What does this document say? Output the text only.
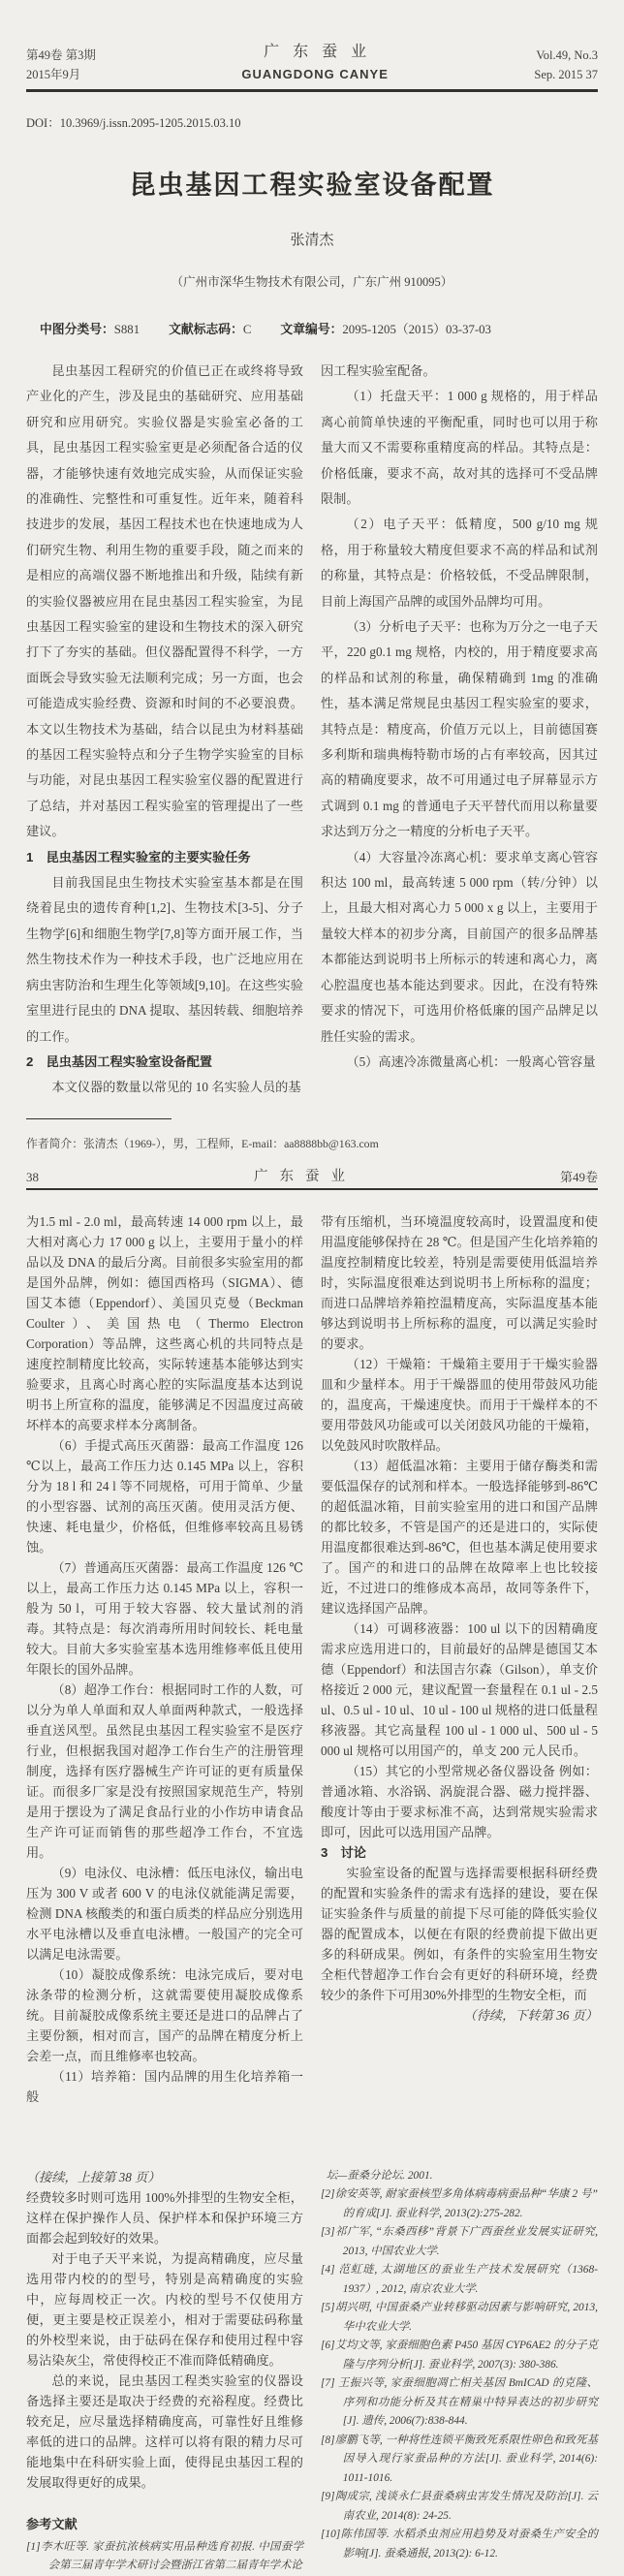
第49卷 第3期
2015年9月
广东蚕业
GUANGDONG CANYE
Vol.49, No.3
Sep. 2015 37
DOI：10.3969/j.issn.2095-1205.2015.03.10
昆虫基因工程实验室设备配置
张清杰
（广州市深华生物技术有限公司，广东广州 910095）
中图分类号：S881 文献标志码：C 文章编号：2095-1205（2015）03-37-03
昆虫基因工程研究的价值已正在或终将导致产业化的产生，涉及昆虫的基础研究、应用基础研究和应用研究。实验仪器是实验室必备的工具，昆虫基因工程实验室更是必须配备合适的仪器，才能够快速有效地完成实验，从而保证实验的准确性、完整性和可重复性。近年来，随着科技进步的发展，基因工程技术也在快速地成为人们研究生物、利用生物的重要手段，随之而来的是相应的高端仪器不断地推出和升级，陆续有新的实验仪器被应用在昆虫基因工程实验室，为昆虫基因工程实验室的建设和生物技术的深入研究打下了夯实的基础。但仪器配置得不科学，一方面既会导致实验无法顺利完成；另一方面，也会可能造成实验经费、资源和时间的不必要浪费。本文以生物技术为基础，结合以昆虫为材料基础的基因工程实验特点和分子生物学实验室的目标与功能，对昆虫基因工程实验室仪器的配置进行了总结，并对基因工程实验室的管理提出了一些建议。
1　昆虫基因工程实验室的主要实验任务
目前我国昆虫生物技术实验室基本都是在围绕着昆虫的遗传育种[1,2]、生物技术[3-5]、分子生物学[6]和细胞生物学[7,8]等方面开展工作，当然生物技术作为一种技术手段，也广泛地应用在病虫害防治和生理生化等领域[9,10]。在这些实验室里进行昆虫的 DNA 提取、基因转载、细胞培养的工作。
2　昆虫基因工程实验室设备配置
本文仪器的数量以常见的 10 名实验人员的基
因工程实验室配备。
（1）托盘天平：1 000 g 规格的，用于样品离心前简单快速的平衡配重，同时也可以用于称量大而又不需要称重精度高的样品。其特点是：价格低廉，要求不高，故对其的选择可不受品牌限制。
（2）电子天平：低精度，500 g/10 mg 规格，用于称量较大精度但要求不高的样品和试剂的称量，其特点是：价格较低，不受品牌限制，目前上海国产品牌的或国外品牌均可用。
（3）分析电子天平：也称为万分之一电子天平，220 g0.1 mg 规格，内校的，用于精度要求高的样品和试剂的称量，确保精确到 1mg 的准确性，基本满足常规昆虫基因工程实验室的要求，其特点是：精度高，价值万元以上，目前德国赛多利斯和瑞典梅特勒市场的占有率较高，因其过高的精确度要求，故不可用通过电子屏幕显示方式调到 0.1 mg 的普通电子天平替代而用以称量要求达到万分之一精度的分析电子天平。
（4）大容量冷冻离心机：要求单支离心管容积达 100 ml，最高转速 5 000 rpm（转/分钟）以上，且最大相对离心力 5 000 x g 以上，主要用于量较大样本的初步分离，目前国产的很多品牌基本都能达到说明书上所标示的转速和离心力，离心腔温度也基本能达到要求。因此，在没有特殊要求的情况下，可选用价格低廉的国产品牌足以胜任实验的需求。
（5）高速冷冻微量离心机：一般离心管容量
作者简介：张清杰（1969-），男，工程师，E-mail：aa8888bb@163.com
38	广东蚕业	第49卷
为1.5 ml - 2.0 ml，最高转速 14 000 rpm 以上，最大相对离心力 17 000 g 以上，主要用于量小的样品以及 DNA 的最后分离。目前很多实验室用的都是国外品牌，例如：德国西格玛（SIGMA）、德国艾本德（Eppendorf）、美国贝克曼（Beckman Coulter）、美国热电（Thermo Electron Corporation）等品牌，这些离心机的共同特点是速度控制精度比较高，实际转速基本能够达到实验要求，且离心时离心腔的实际温度基本达到说明书上所宣称的温度，能够满足不因温度过高破坏样本的高要求样本分离制备。
（6）手提式高压灭菌器：最高工作温度 126 ℃以上，最高工作压力达 0.145 MPa 以上，容积分为 18 l 和 24 l 等不同规格，可用于简单、少量的小型容器、试剂的高压灭菌。使用灵活方便、快速、耗电量少，价格低，但维修率较高且易锈蚀。
（7）普通高压灭菌器：最高工作温度 126 ℃以上，最高工作压力达 0.145 MPa 以上，容积一般为 50 l，可用于较大容器、较大量试剂的消毒。其特点是：每次消毒所用时间较长、耗电量较大。目前大多实验室基本选用维修率低且使用年限长的国外品牌。
（8）超净工作台：根据同时工作的人数，可以分为单人单面和双人单面两种款式，一般选择垂直送风型。虽然昆虫基因工程实验室不是医疗行业，但根据我国对超净工作台生产的注册管理制度，选择有医疗器械生产许可证的更有质量保证。而很多厂家是没有按照国家规范生产，特别是用于摆设为了满足食品行业的小作坊申请食品生产许可证而销售的那些超净工作台，不宜选用。
（9）电泳仪、电泳槽：低压电泳仪，输出电压为 300 V 或者 600 V 的电泳仪就能满足需要，检测 DNA 核酸类的和蛋白质类的样品应分别选用水平电泳槽以及垂直电泳槽。一般国产的完全可以满足电泳需要。
（10）凝胶成像系统：电泳完成后，要对电泳条带的检测分析，这就需要使用凝胶成像系统。目前凝胶成像系统主要还是进口的品牌占了主要份额，相对而言，国产的品牌在精度分析上会差一点，而且维修率也较高。
（11）培养箱：国内品牌的用生化培养箱一般
带有压缩机，当环境温度较高时，设置温度和使用温度能够保持在 28 ℃。但是国产生化培养箱的温度控制精度比较差，特别是需要使用低温培养时，实际温度很难达到说明书上所标称的温度；而进口品牌培养箱控温精度高，实际温度基本能够达到说明书上所标称的温度，可以满足实验时的要求。
（12）干燥箱：干燥箱主要用于干燥实验器皿和少量样本。用于干燥器皿的使用带鼓风功能的，温度高，干燥速度快。而用于干燥样本的不要用带鼓风功能或可以关闭鼓风功能的干燥箱，以免鼓风时吹散样品。
（13）超低温冰箱：主要用于储存酶类和需要低温保存的试剂和样本。一般选择能够到-86℃的超低温冰箱，目前实验室用的进口和国产品牌的都比较多，不管是国产的还是进口的，实际使用温度都很难达到-86℃，但也基本满足使用要求了。国产的和进口的品牌在故障率上也比较接近，不过进口的维修成本高昂，故同等条件下，建议选择国产品牌。
（14）可调移液器：100 ul 以下的因精确度需求应选用进口的，目前最好的品牌是德国艾本德（Eppendorf）和法国吉尔森（Gilson），单支价格接近 2 000 元，建议配置一套量程在 0.1 ul - 2.5 ul、0.5 ul - 10 ul、10 ul - 100 ul 规格的进口低量程移液器。其它高量程 100 ul - 1 000 ul、500 ul - 5 000 ul 规格可以用国产的，单支 200 元人民币。
（15）其它的小型常规必备仪器设备 例如：普通冰箱、水浴锅、涡旋混合器、磁力搅拌器、酸度计等由于要求标准不高，达到常规实验需求即可，因此可以选用国产品牌。
3　讨论
实验室设备的配置与选择需要根据科研经费的配置和实验条件的需求有选择的建设，要在保证实验条件与质量的前提下尽可能的降低实验仪器的配置成本，以便在有限的经费前提下做出更多的科研成果。例如，有条件的实验室用生物安全柜代替超净工作台会有更好的科研环境，经费较少的条件下可用30%外排型的生物安全柜，而
（待续，下转第 36 页）
（接续，上接第 38 页）
经费较多时则可选用 100%外排型的生物安全柜，这样在保护操作人员、保护样本和保护环境三方面都会起到较好的效果。
对于电子天平来说，为提高精确度，应尽量选用带内校的的型号，特别是高精确度的实验中，应每周校正一次。内校的型号不仅使用方便，更主要是校正误差小，相对于需要砝码称量的外校型来说，由于砝码在保存和使用过程中容易沾染灰尘，常使得校正不准而降低精确度。
总的来说，昆虫基因工程类实验室的仪器设备选择主要还是取决于经费的充裕程度。经费比较充足，应尽量选择精确度高，可靠性好且维修率低的进口的品牌。这样可以将有限的精力尽可能地集中在科研实验上面，使得昆虫基因工程的发展取得更好的成果。
参考文献
[1]李木旺等. 家蚕抗浓核病实用品种选育初报. 中国蚕学会第三届青年学术研讨会暨浙江省第二届青年学术论
坛—蚕桑分论坛. 2001.
[2]徐安英等, 耐家蚕核型多角体病毒病蚕品种“华康 2 号”的育成[J]. 蚕业科学, 2013(2):275-282.
[3]祁广军, “东桑西移”背景下广西蚕丝业发展实证研究, 2013, 中国农业大学.
[4] 范虹琏, 太湖地区的蚕业生产技术发展研究（1368-1937）, 2012, 南京农业大学.
[5]胡兴明, 中国蚕桑产业转移驱动因素与影响研究, 2013, 华中农业大学.
[6]艾均文等, 家蚕细胞色素 P450 基因 CYP6AE2 的分子克隆与序列分析[J]. 蚕业科学, 2007(3): 380-386.
[7] 王振兴等, 家蚕细胞凋亡相关基因 BmICAD 的克隆、序列和功能分析及其在精巢中特异表达的初步研究[J]. 遗传, 2006(7):838-844.
[8]廖鹏飞等, 一种将性连锁平衡致死系限性卵色和致死基因导入现行家蚕品种的方法[J]. 蚕业科学, 2014(6): 1011-1016.
[9]陶成宗, 浅谈永仁县蚕桑病虫害发生情况及防治[J]. 云南农业, 2014(8): 24-25.
[10]陈伟国等. 水稻杀虫剂应用趋势及对蚕桑生产安全的影响[J]. 蚕桑通报, 2013(2): 6-12.
